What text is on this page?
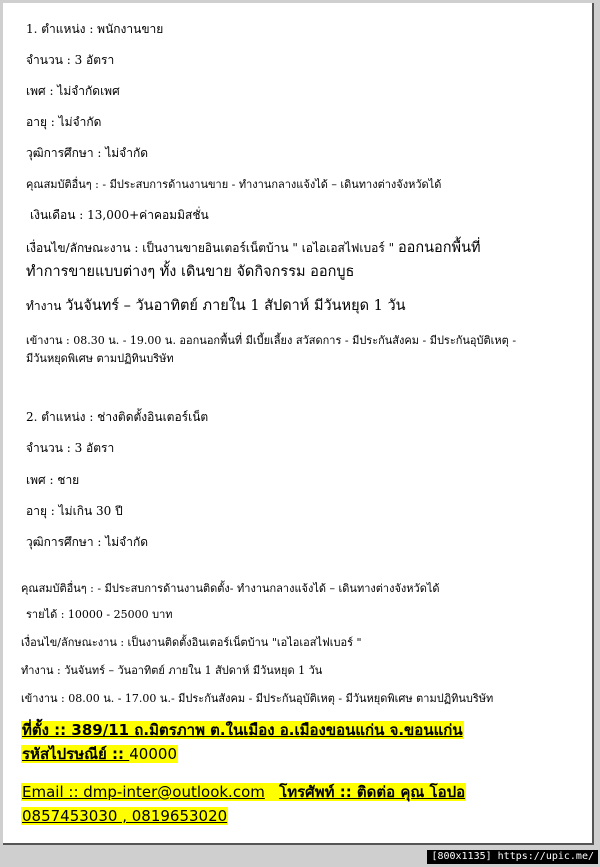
1. ตำแหน่ง : พนักงานขาย
จำนวน : 3 อัตรา
เพศ : ไม่จำกัดเพศ
อายุ : ไม่จำกัด
วุฒิการศึกษา : ไม่จำกัด
คุณสมบัติอื่นๆ : - มีประสบการด้านงานขาย - ทำงานกลางแจ้งได้ – เดินทางต่างจังหวัดได้
เงินเดือน : 13,000+ค่าคอมมิสชั่น
เงื่อนไข/ลักษณะงาน : เป็นงานขายอินเตอร์เน็ตบ้าน " เอไอเอสไฟเบอร์ " ออกนอกพื้นที่
ทำการขายแบบต่างๆ ทั้ง เดินขาย จัดกิจกรรม ออกบูธ
ทำงาน วันจันทร์ – วันอาทิตย์ ภายใน 1 สัปดาห์ มีวันหยุด 1 วัน
เข้างาน : 08.30 น. - 19.00 น. ออกนอกพื้นที่ มีเบี้ยเลี้ยง สวัสดการ - มีประกันสังคม - มีประกันอุบัติเหตุ -
มีวันหยุดพิเศษ ตามปฏิทินบริษัท
2. ตำแหน่ง : ช่างติดตั้งอินเตอร์เน็ต
จำนวน : 3 อัตรา
เพศ : ชาย
อายุ : ไม่เกิน 30 ปี
วุฒิการศึกษา : ไม่จำกัด
คุณสมบัติอื่นๆ : - มีประสบการด้านงานติดตั้ง- ทำงานกลางแจ้งได้ – เดินทางต่างจังหวัดได้
รายได้ : 10000 - 25000 บาท
เงื่อนไข/ลักษณะงาน : เป็นงานติดตั้งอินเตอร์เน็ตบ้าน "เอไอเอสไฟเบอร์ "
ทำงาน : วันจันทร์ – วันอาทิตย์ ภายใน 1 สัปดาห์ มีวันหยุด 1 วัน
เข้างาน : 08.00 น. - 17.00 น.- มีประกันสังคม - มีประกันอุบัติเหตุ - มีวันหยุดพิเศษ ตามปฏิทินบริษัท
ที่ตั้ง :: 389/11 ถ.มิตรภาพ ต.ในเมือง อ.เมืองขอนแก่น จ.ขอนแก่น
รหัสไปรษณีย์ :: 40000
Email :: dmp-inter@outlook.com โทรศัพท์ :: ติดต่อ คุณ โอปอ
0857453030 , 0819653020
[800x1135] https://upic.me/
